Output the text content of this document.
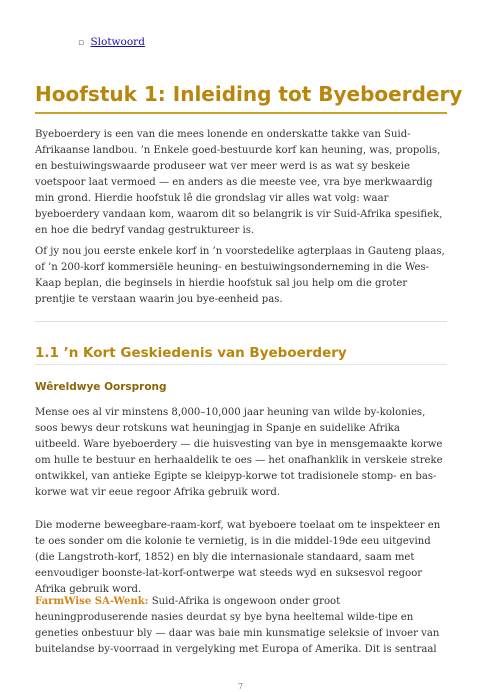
▫ Slotwoord
Hoofstuk 1: Inleiding tot Byeboerdery

Byeboerdery is een van die mees lonende en onderskatte takke van Suid-Afrikaanse landbou. ’n Enkele goed-bestuurde korf kan heuning, was, propolis, en bestuiwingswaarde produseer wat ver meer werd is as wat sy beskeie voetspoor laat vermoed — en anders as die meeste vee, vra bye merkwaardig min grond. Hierdie hoofstuk lê die grondslag vir alles wat volg: waar byeboerdery vandaan kom, waarom dit so belangrik is vir Suid-Afrika spesifiek, en hoe die bedryf vandag gestruktureer is.

Of jy nou jou eerste enkele korf in ’n voorstedelike agterplaas in Gauteng plaas, of ’n 200-korf kommersiële heuning- en bestuiwingsonderneming in die Wes-Kaap beplan, die beginsels in hierdie hoofstuk sal jou help om die groter prentjie te verstaan waarin jou bye-eenheid pas.

1.1 ’n Kort Geskiedenis van Byeboerdery
Wêreldwye Oorsprong

Mense oes al vir minstens 8,000–10,000 jaar heuning van wilde by-kolonies, soos bewys deur rotskuns wat heuningjag in Spanje en suidelike Afrika uitbeeld. Ware byeboerdery — die huisvesting van bye in mensgemaakte korwe om hulle te bestuur en herhaaldelik te oes — het onafhanklik in verskeie streke ontwikkel, van antieke Egipte se kleipyp-korwe tot tradisionele stomp- en bas-korwe wat vir eeue regoor Afrika gebruik word.

Die moderne beweegbare-raam-korf, wat byeboere toelaat om te inspekteer en te oes sonder om die kolonie te vernietig, is in die middel-19de eeu uitgevind (die Langstroth-korf, 1852) en bly die internasionale standaard, saam met eenvoudiger boonste-lat-korf-ontwerpe wat steeds wyd en suksesvol regoor Afrika gebruik word.

FarmWise SA-Wenk: Suid-Afrika is ongewoon onder groot heuningproduserende nasies deurdat sy bye byna heeltemal wilde-tipe en geneties onbestuur bly — daar was baie min kunsmatige seleksie of invoer van buitelandse by-voorraad in vergelyking met Europa of Amerika. Dit is sentraal

7
